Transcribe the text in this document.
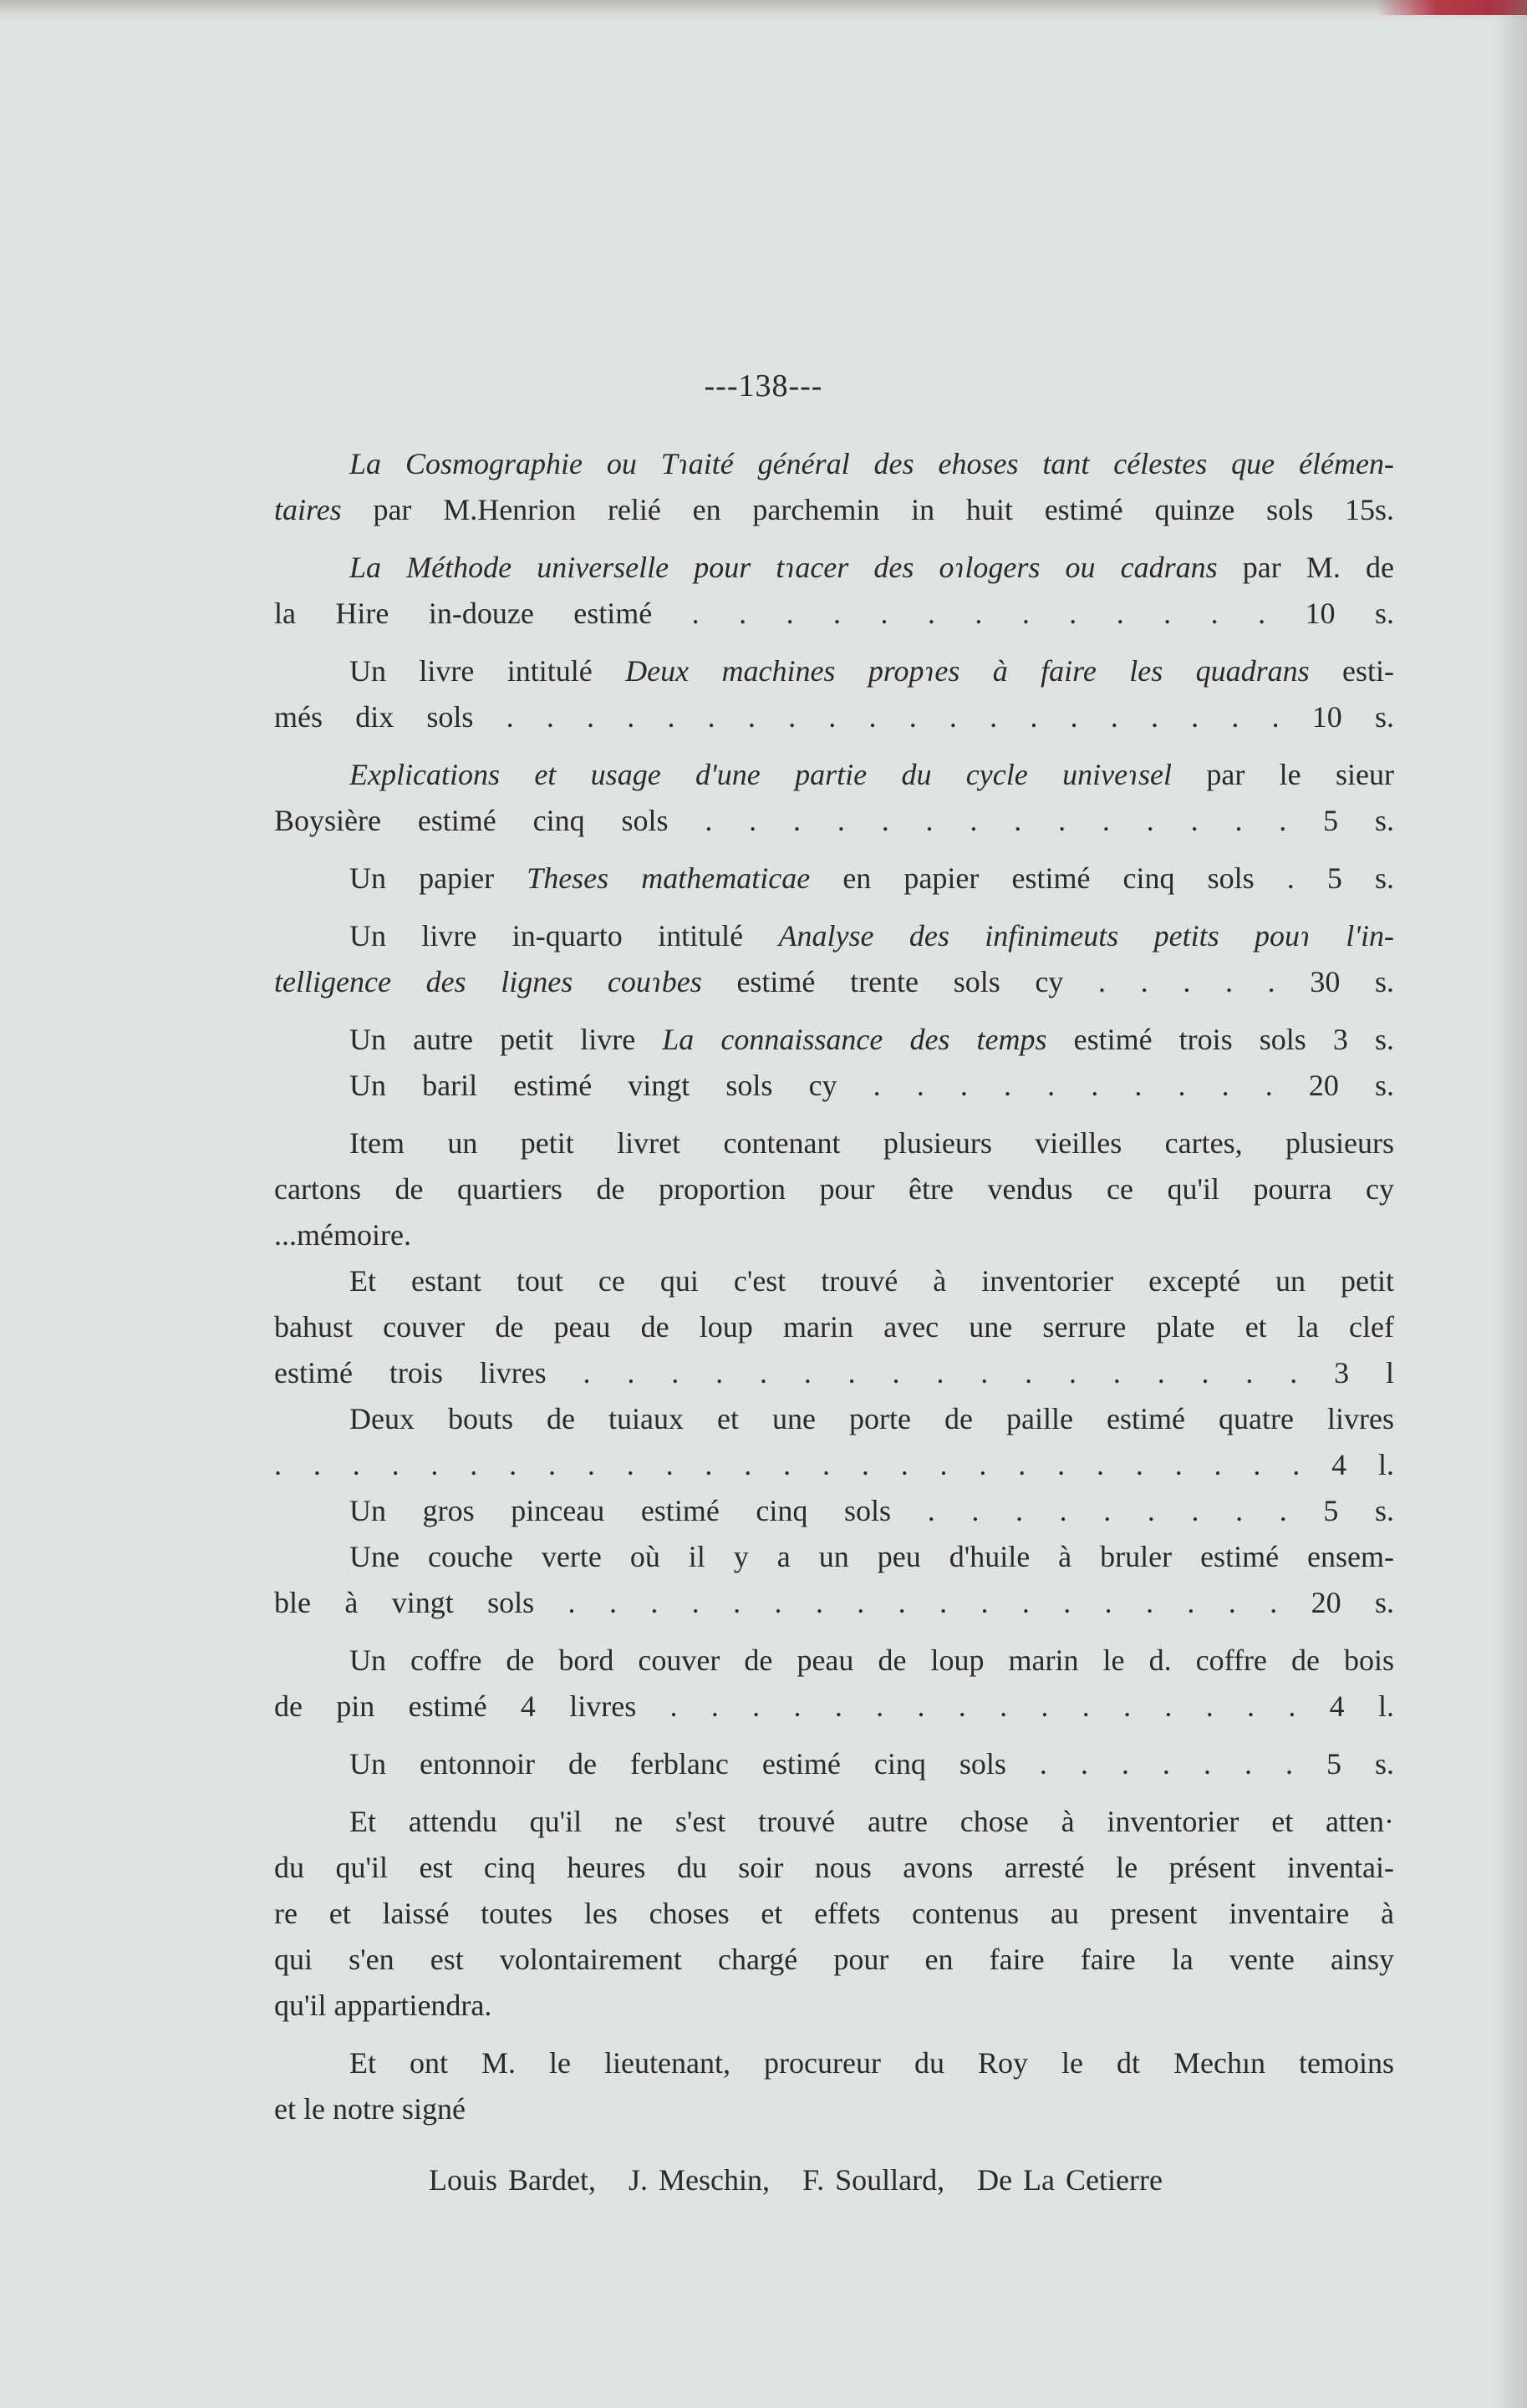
---138---
La Cosmographie ou Tɿaité général des ehoses tant célestes que élémen-
taires par M.Henrion relié en parchemin in huit estimé quinze sols 15s.
La Méthode universelle pour tɿacer des oɿlogers ou cadrans par M. de
la Hire in-douze estimé . . . . . . . . . . . . . 10 s.
Un livre intitulé Deux machines propɿes à faire les quadrans esti-
més dix sols . . . . . . . . . . . . . . . . . . . . 10 s.
Explications et usage d'une partie du cycle univeɿsel par le sieur
Boysière estimé cinq sols . . . . . . . . . . . . . . 5 s.
Un papier Theses mathematicae en papier estimé cinq sols . 5 s.
Un livre in-quarto intitulé Analyse des infinimeuts petits pouɿ l'in-
telligence des lignes couɿbes estimé trente sols cy . . . . . 30 s.
Un autre petit livre La connaissance des temps estimé trois sols 3 s.
Un baril estimé vingt sols cy . . . . . . . . . . 20 s.
Item un petit livret contenant plusieurs vieilles cartes, plusieurs
cartons de quartiers de proportion pour être vendus ce qu'il pourra cy
...mémoire.
Et estant tout ce qui c'est trouvé à inventorier excepté un petit
bahust couver de peau de loup marin avec une serrure plate et la clef
estimé trois livres . . . . . . . . . . . . . . . . . 3 l
Deux bouts de tuiaux et une porte de paille estimé quatre livres
. . . . . . . . . . . . . . . . . . . . . . . . . . . 4 l.
Un gros pinceau estimé cinq sols . . . . . . . . . 5 s.
Une couche verte où il y a un peu d'huile à bruler estimé ensem-
ble à vingt sols . . . . . . . . . . . . . . . . . . 20 s.
Un coffre de bord couver de peau de loup marin le d. coffre de bois
de pin estimé 4 livres . . . . . . . . . . . . . . . . 4 l.
Un entonnoir de ferblanc estimé cinq sols . . . . . . . 5 s.
Et attendu qu'il ne s'est trouvé autre chose à inventorier et atten·
du qu'il est cinq heures du soir nous avons arresté le présent inventai-
re et laissé toutes les choses et effets contenus au present inventaire à
qui s'en est volontairement chargé pour en faire faire la vente ainsy
qu'il appartiendra.
Et ont M. le lieutenant, procureur du Roy le dt Mechın temoins
et le notre signé
Louis Bardet,   J. Meschin,   F. Soullard,   De La Cetierre
